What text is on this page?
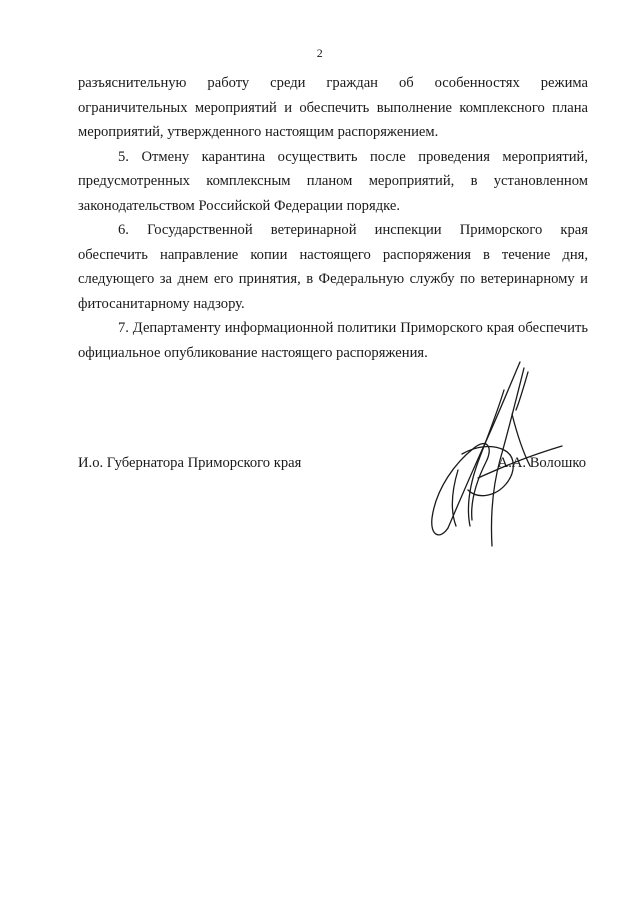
2

разъяснительную работу среди граждан об особенностях режима ограничительных мероприятий и обеспечить выполнение комплексного плана мероприятий, утвержденного настоящим распоряжением.

5. Отмену карантина осуществить после проведения мероприятий, предусмотренных комплексным планом мероприятий, в установленном законодательством Российской Федерации порядке.

6. Государственной ветеринарной инспекции Приморского края обеспечить направление копии настоящего распоряжения в течение дня, следующего за днем его принятия, в Федеральную службу по ветеринарному и фитосанитарному надзору.

7. Департаменту информационной политики Приморского края обеспечить официальное опубликование настоящего распоряжения.

И.о. Губернатора Приморского края	А.А. Волошко
